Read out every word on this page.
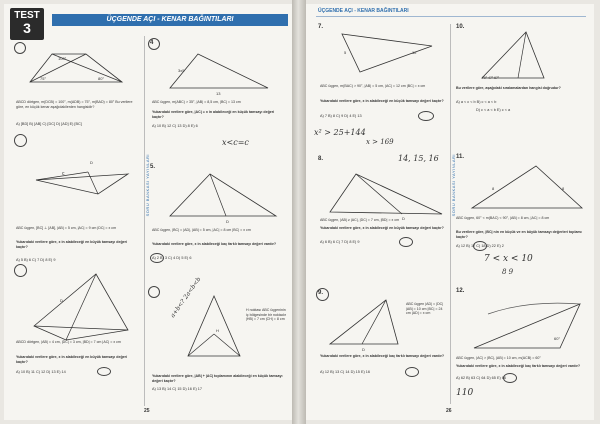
TEST
3
ÜÇGENDE AÇI - KENAR BAĞINTILARI
SORU BANKASI YAYINLARI
100°
75°	80°
ABCD dörtgen, m(DCB) = 100°, m(ADB) = 75°, m(BAD) = 80° Bu verilere göre, en küçük kenar aşağıdakilerden hangisidir?
A) [BD] B) [AB] C) [DC] D) [AD] E) [BC]
c
D
ABC üçgen, [BC] ⊥ [AB], |AB| = 5 cm, |AC| = 9 cm |DC| = x cm
Yukarıdaki verilere göre, x in alabileceği en büyük tamsayı değeri kaçtır?
A) 5 B) 6 C) 7 D) 8 E) 9
D
ABCD dörtgen, |AB| = 4 cm, |DC| = 3 cm, |BD| = 7 cm |AC| = x cm
Yukarıdaki verilere göre, x in alabileceği en büyük tamsayı değeri kaçtır?
A) 10 B) 11 C) 12 D) 13 E) 14
4
3x5
13
ABC üçgen, m(ABC) > 35°, |AB| = 8,5 cm, |BC| = 13 cm
Yukarıdaki verilere göre, |AC| = x in alabileceği en küçük tamsayı değeri kaçtır?
A) 10 B) 12 C) 13 D) 8 E) 6
x<c=c
5.
D
ABC üçgen, |BC| = |AD|, |AB| = 5 cm, |AC| = 8 cm |BC| = x cm
Yukarıdaki verilere göre, x in alabileceği kaç farklı tamsayı değeri vardır?
A) 2 B) 3 C) 4 D) 5 E) 6
a+b<? 2a<b<b
H
H noktası ABC üçgeninin iç bölgesinde bir noktadır |HB| = 7 cm |CH| = 8 cm
Yukarıdaki verilere göre, |AB| + |AC| toplamının alabileceği en küçük tamsayı değeri kaçtır?
A) 13 B) 14 C) 15 D) 16 E) 17
25
ÜÇGENDE AÇI - KENAR BAĞINTILARI
SORU BANKASI YAYINLARI
7.
12
5
ABC üçgen, m(BAC) > 90°, |AB| = 5 cm, |AC| = 12 cm |BC| = x cm
Yukarıdaki verilere göre, x in alabileceği en küçük tamsayı değeri kaçtır?
A) 7 B) 8 C) 9 D) 4 E) 13
x² > 25+144
x > 169
14, 15, 16
8.
D
ABC üçgen, |AB| ≥ |AC|, |DC| = 7 cm, |BD| = x cm
Yukarıdaki verilere göre, x in alabileceği en büyük tamsayı değeri kaçtır?
A) 6 B) 6 C) 7 D) 8 E) 9
9.
D
ABC üçgen |AD| = |DC| |AB| = 10 cm |BC| = 24 cm |AD| = x cm
Yukarıdaki verilere göre, x in alabileceği kaç farklı tamsayı değeri vardır?
A) 12 B) 13 C) 14 D) 15 E) 16
10.
70° 47° 67°
Bu verilere göre, aşağıdaki sıralamalardan hangisi doğrudur?
A) a < c < b B) c < a < b
D) c < a < b E) c < a
11.
8	8
ABC üçgen, 60° < m(BAC) < 90°, |AB| = 8 cm, |AC| = 8 cm
Bu verilere göre, |BC| nin en küçük ve en büyük tamsayı değerleri toplamı kaçtır?
A) 12 B) 17 C) 18 D) 22 E) 2
7 < x < 10
8 9
12.
60°
ABC üçgen, |AC| > |BC|, |AB| = 10 cm, m(ACB) = 60°
Yukarıdaki verilere göre, x in alabileceği kaç farklı tamsayı değeri vardır?
A) 62 B) 63 C) 64 D) 65 E) 66
110
26
